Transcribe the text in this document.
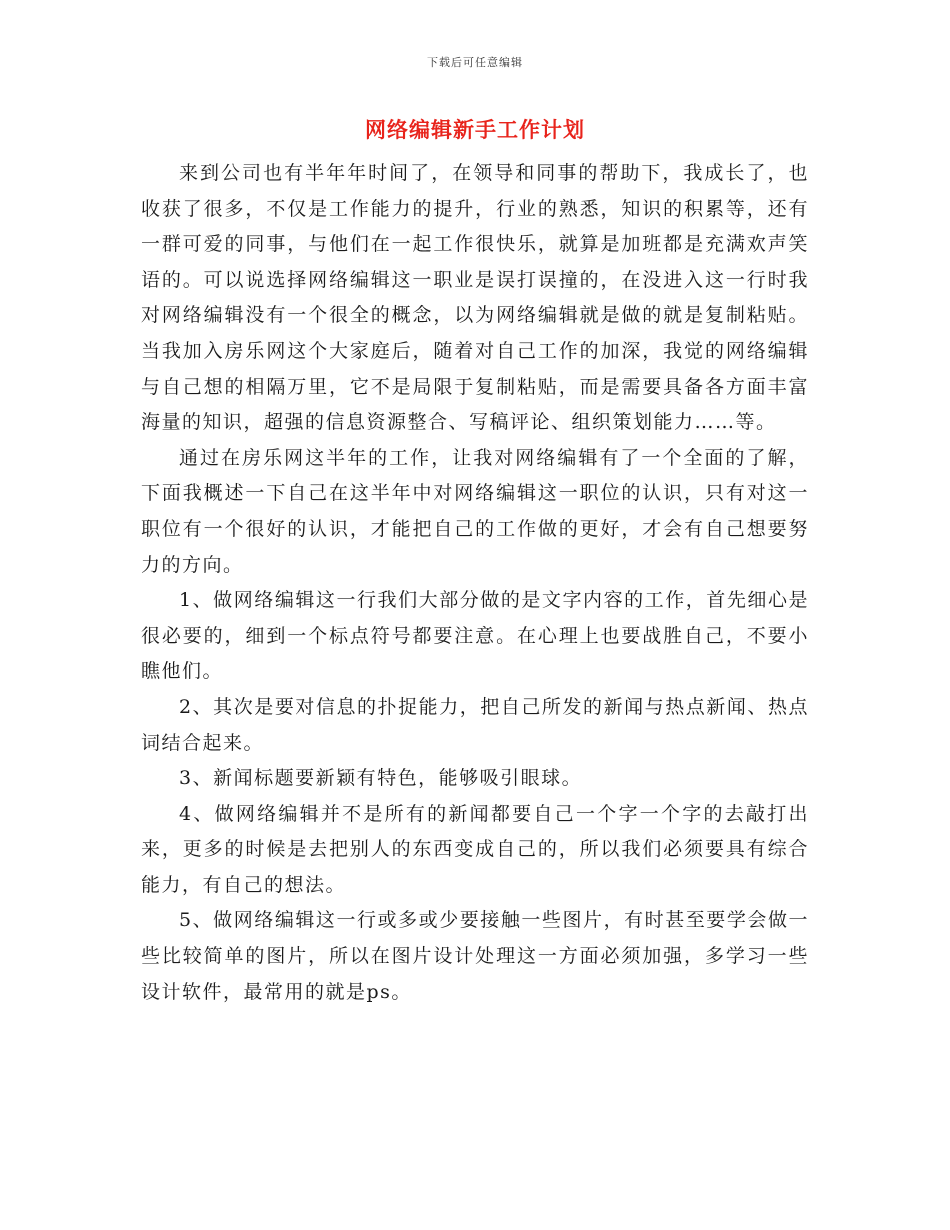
下载后可任意编辑
网络编辑新手工作计划

来到公司也有半年年时间了，在领导和同事的帮助下，我成长了，也收获了很多，不仅是工作能力的提升，行业的熟悉，知识的积累等，还有一群可爱的同事，与他们在一起工作很快乐，就算是加班都是充满欢声笑语的。可以说选择网络编辑这一职业是误打误撞的，在没进入这一行时我对网络编辑没有一个很全的概念，以为网络编辑就是做的就是复制粘贴。当我加入房乐网这个大家庭后，随着对自己工作的加深，我觉的网络编辑与自己想的相隔万里，它不是局限于复制粘贴，而是需要具备各方面丰富海量的知识，超强的信息资源整合、写稿评论、组织策划能力……等。

通过在房乐网这半年的工作，让我对网络编辑有了一个全面的了解，下面我概述一下自己在这半年中对网络编辑这一职位的认识，只有对这一职位有一个很好的认识，才能把自己的工作做的更好，才会有自己想要努力的方向。

1、做网络编辑这一行我们大部分做的是文字内容的工作，首先细心是很必要的，细到一个标点符号都要注意。在心理上也要战胜自己，不要小瞧他们。

2、其次是要对信息的扑捉能力，把自己所发的新闻与热点新闻、热点词结合起来。

3、新闻标题要新颖有特色，能够吸引眼球。

4、做网络编辑并不是所有的新闻都要自己一个字一个字的去敲打出来，更多的时候是去把别人的东西变成自己的，所以我们必须要具有综合能力，有自己的想法。

5、做网络编辑这一行或多或少要接触一些图片，有时甚至要学会做一些比较简单的图片，所以在图片设计处理这一方面必须加强，多学习一些设计软件，最常用的就是ps。
